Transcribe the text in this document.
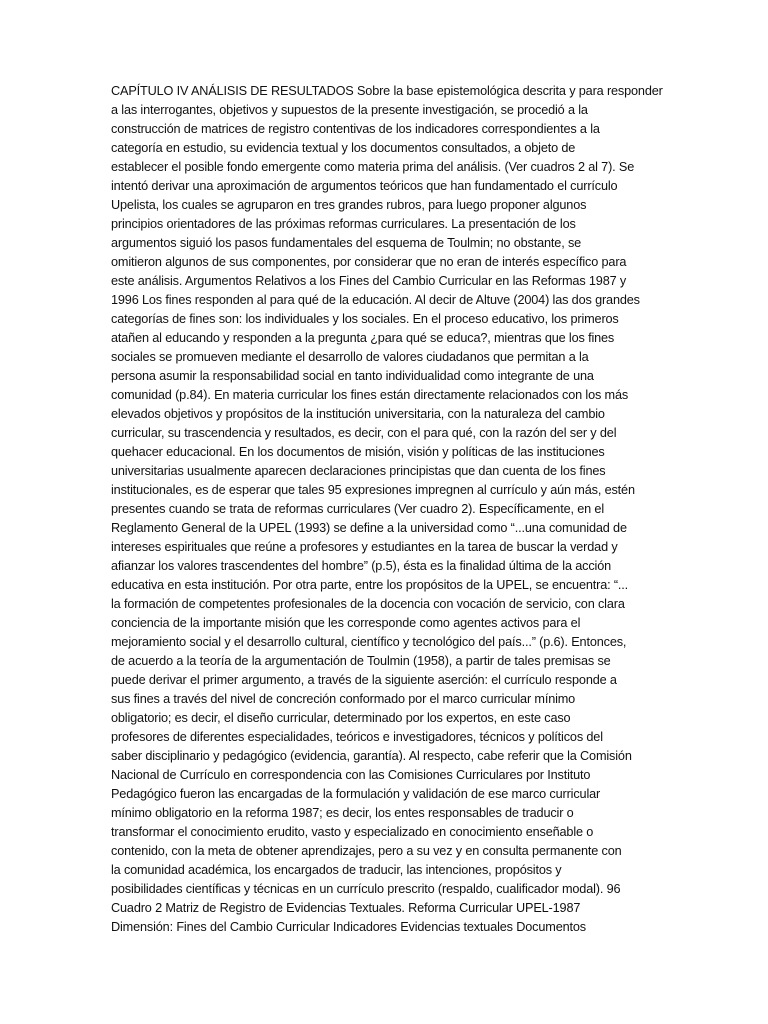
CAPÍTULO IV ANÁLISIS DE RESULTADOS Sobre la base epistemológica descrita y para responder
a las interrogantes, objetivos y supuestos de la presente investigación, se procedió a la
construcción de matrices de registro contentivas de los indicadores correspondientes a la
categoría en estudio, su evidencia textual y los documentos consultados, a objeto de
establecer el posible fondo emergente como materia prima del análisis. (Ver cuadros 2 al 7). Se
intentó derivar una aproximación de argumentos teóricos que han fundamentado el currículo
Upelista, los cuales se agruparon en tres grandes rubros, para luego proponer algunos
principios orientadores de las próximas reformas curriculares. La presentación de los
argumentos siguió los pasos fundamentales del esquema de Toulmin; no obstante, se
omitieron algunos de sus componentes, por considerar que no eran de interés específico para
este análisis. Argumentos Relativos a los Fines del Cambio Curricular en las Reformas 1987 y
1996 Los fines responden al para qué de la educación. Al decir de Altuve (2004) las dos grandes
categorías de fines son: los individuales y los sociales. En el proceso educativo, los primeros
atañen al educando y responden a la pregunta ¿para qué se educa?, mientras que los fines
sociales se promueven mediante el desarrollo de valores ciudadanos que permitan a la
persona asumir la responsabilidad social en tanto individualidad como integrante de una
comunidad (p.84). En materia curricular los fines están directamente relacionados con los más
elevados objetivos y propósitos de la institución universitaria, con la naturaleza del cambio
curricular, su trascendencia y resultados, es decir, con el para qué, con la razón del ser y del
quehacer educacional. En los documentos de misión, visión y políticas de las instituciones
universitarias usualmente aparecen declaraciones principistas que dan cuenta de los fines
institucionales, es de esperar que tales 95 expresiones impregnen al currículo y aún más, estén
presentes cuando se trata de reformas curriculares (Ver cuadro 2). Específicamente, en el
Reglamento General de la UPEL (1993) se define a la universidad como “...una comunidad de
intereses espirituales que reúne a profesores y estudiantes en la tarea de buscar la verdad y
afianzar los valores trascendentes del hombre” (p.5), ésta es la finalidad última de la acción
educativa en esta institución. Por otra parte, entre los propósitos de la UPEL, se encuentra: “...
la formación de competentes profesionales de la docencia con vocación de servicio, con clara
conciencia de la importante misión que les corresponde como agentes activos para el
mejoramiento social y el desarrollo cultural, científico y tecnológico del país...” (p.6). Entonces,
de acuerdo a la teoría de la argumentación de Toulmin (1958), a partir de tales premisas se
puede derivar el primer argumento, a través de la siguiente aserción: el currículo responde a
sus fines a través del nivel de concreción conformado por el marco curricular mínimo
obligatorio; es decir, el diseño curricular, determinado por los expertos, en este caso
profesores de diferentes especialidades, teóricos e investigadores, técnicos y políticos del
saber disciplinario y pedagógico (evidencia, garantía). Al respecto, cabe referir que la Comisión
Nacional de Currículo en correspondencia con las Comisiones Curriculares por Instituto
Pedagógico fueron las encargadas de la formulación y validación de ese marco curricular
mínimo obligatorio en la reforma 1987; es decir, los entes responsables de traducir o
transformar el conocimiento erudito, vasto y especializado en conocimiento enseñable o
contenido, con la meta de obtener aprendizajes, pero a su vez y en consulta permanente con
la comunidad académica, los encargados de traducir, las intenciones, propósitos y
posibilidades científicas y técnicas en un currículo prescrito (respaldo, cualificador modal). 96
Cuadro 2 Matriz de Registro de Evidencias Textuales. Reforma Curricular UPEL-1987
Dimensión: Fines del Cambio Curricular Indicadores Evidencias textuales Documentos
